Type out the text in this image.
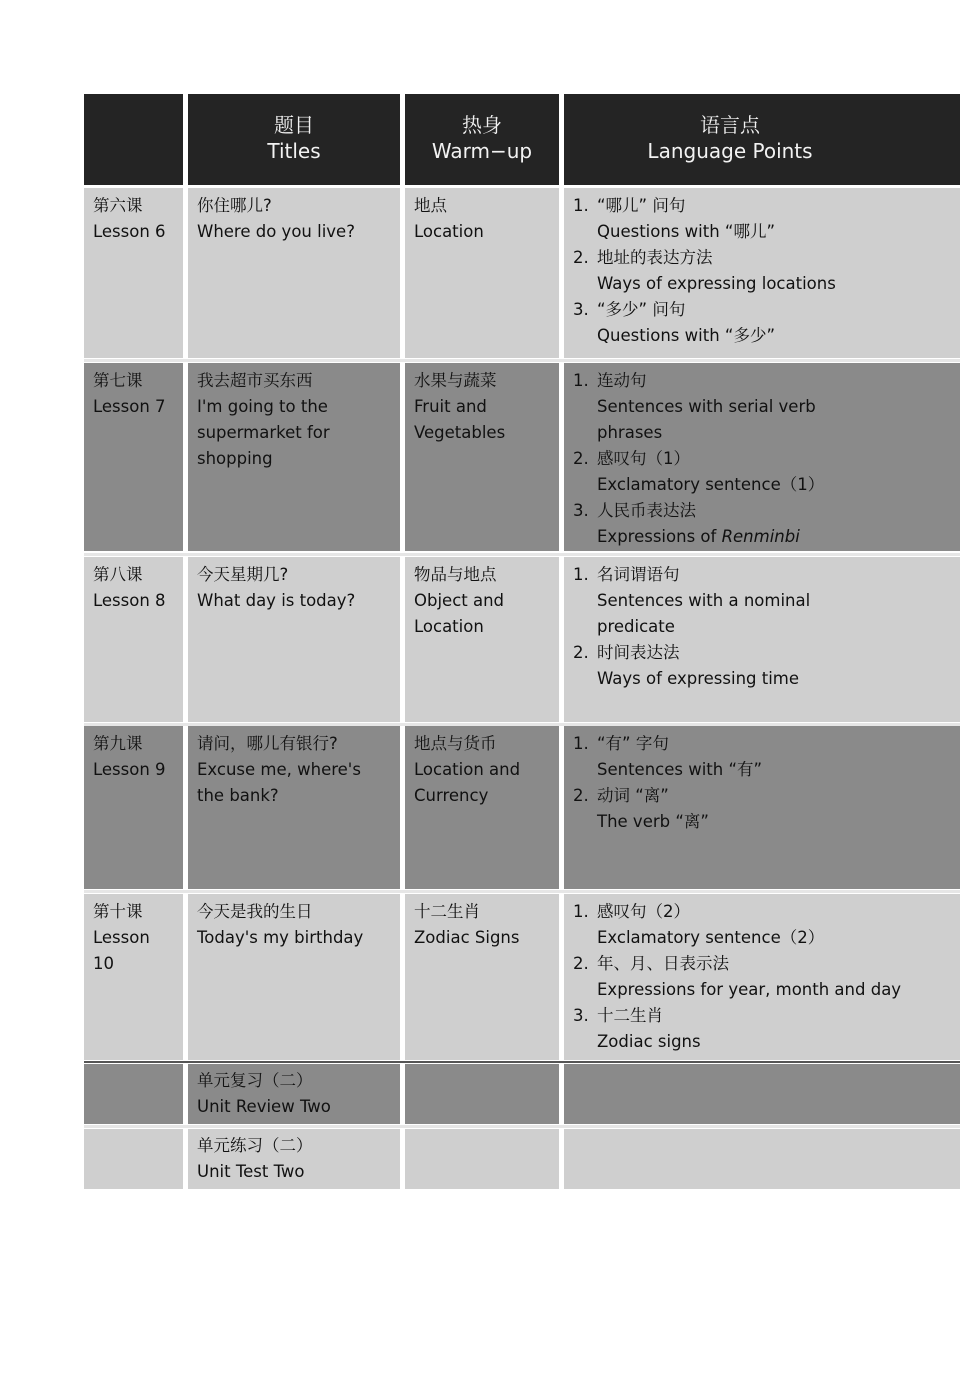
题目
Titles
热身
Warm−up
语言点
Language Points
第六课
Lesson 6
你住哪儿?
Where do you live?
地点
Location
1. “哪儿” 问句
Questions with “哪儿”
2. 地址的表达方法
Ways of expressing locations
3. “多少” 问句
Questions with “多少”
第七课
Lesson 7
我去超市买东西
I'm going to the supermarket for shopping
水果与蔬菜
Fruit and Vegetables
1. 连动句
Sentences with serial verb phrases
2. 感叹句（1）
Exclamatory sentence（1）
3. 人民币表达法
Expressions of Renminbi
第八课
Lesson 8
今天星期几?
What day is today?
物品与地点
Object and Location
1. 名词谓语句
Sentences with a nominal predicate
2. 时间表达法
Ways of expressing time
第九课
Lesson 9
请问，哪儿有银行?
Excuse me, where's the bank?
地点与货币
Location and Currency
1. “有” 字句
Sentences with “有”
2. 动词 “离”
The verb “离”
第十课
Lesson 10
今天是我的生日
Today's my birthday
十二生肖
Zodiac Signs
1. 感叹句（2）
Exclamatory sentence（2）
2. 年、月、日表示法
Expressions for year, month and day
3. 十二生肖
Zodiac signs
单元复习（二）
Unit Review Two
单元练习（二）
Unit Test Two
